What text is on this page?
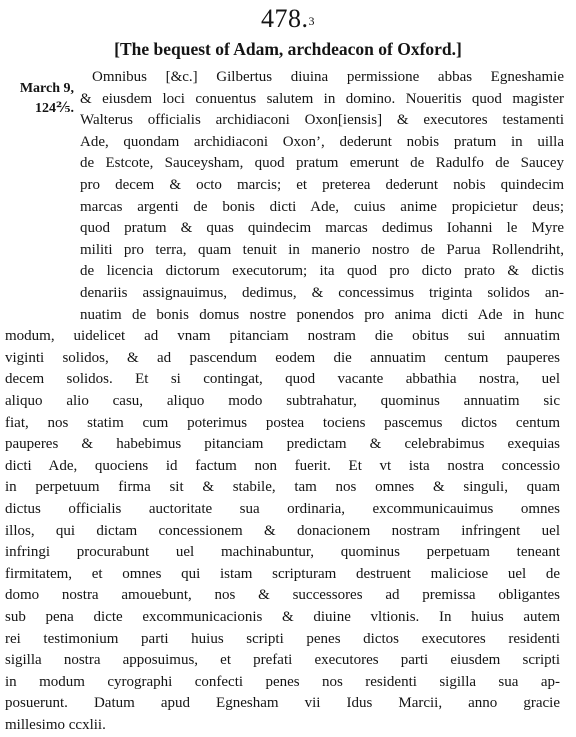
478.$^3$
[The bequest of Adam, archdeacon of Oxford.]
March 9,
124⅖.
Omnibus [&c.] Gilbertus diuina permissione abbas Egneshamie
& eiusdem loci conuentus salutem in domino. Noueritis quod magister
Walterus officialis archidiaconi Oxon[iensis] & executores testamenti
Ade, quondam archidiaconi Oxon’, dederunt nobis pratum in uilla
de Estcote, Sauceysham, quod pratum emerunt de Radulfo de Saucey
pro decem & octo marcis; et preterea dederunt nobis quindecim
marcas argenti de bonis dicti Ade, cuius anime propicietur deus;
quod pratum & quas quindecim marcas dedimus Iohanni le Myre
militi pro terra, quam tenuit in manerio nostro de Parua Rollendriht,
de licencia dictorum executorum; ita quod pro dicto prato & dictis
denariis assignauimus, dedimus, & concessimus triginta solidos an-
nuatim de bonis domus nostre ponendos pro anima dicti Ade in hunc
modum, uidelicet ad vnam pitanciam nostram die obitus sui annuatim
viginti solidos, & ad pascendum eodem die annuatim centum pauperes
decem solidos. Et si contingat, quod vacante abbathia nostra, uel
aliquo alio casu, aliquo modo subtrahatur, quominus annuatim sic
fiat, nos statim cum poterimus postea tociens pascemus dictos centum
pauperes & habebimus pitanciam predictam & celebrabimus exequias
dicti Ade, quociens id factum non fuerit. Et vt ista nostra concessio
in perpetuum firma sit & stabile, tam nos omnes & singuli, quam
dictus officialis auctoritate sua ordinaria, excommunicauimus omnes
illos, qui dictam concessionem & donacionem nostram infringent uel
infringi procurabunt uel machinabuntur, quominus perpetuam teneant
firmitatem, et omnes qui istam scripturam destruent maliciose uel de
domo nostra amouebunt, nos & successores ad premissa obligantes
sub pena dicte excommunicacionis & diuine vltionis. In huius autem
rei testimonium parti huius scripti penes dictos executores residenti
sigilla nostra apposuimus, et prefati executores parti eiusdem scripti
in modum cyrographi confecti penes nos residenti sigilla sua ap-
posuerunt. Datum apud Egnesham vii Idus Marcii, anno gracie
millesimo ccxlii.
